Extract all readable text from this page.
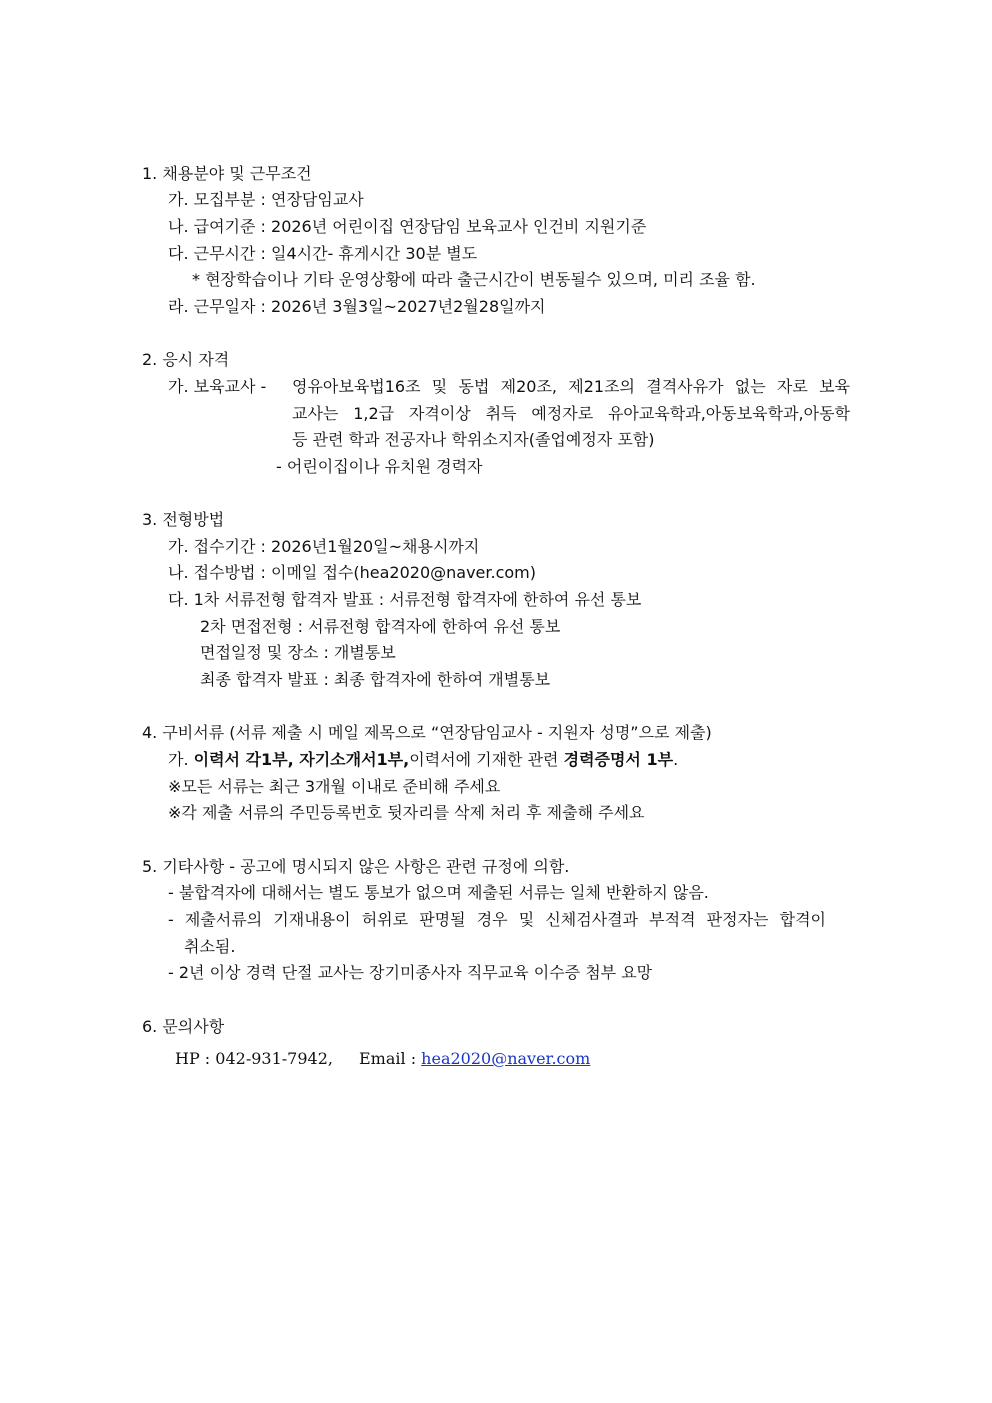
1. 채용분야 및 근무조건
가. 모집부분 : 연장담임교사
나. 급여기준 : 2026년 어린이집 연장담임 보육교사 인건비 지원기준
다. 근무시간 : 일4시간- 휴게시간 30분 별도
* 현장학습이나 기타 운영상황에 따라 출근시간이 변동될수 있으며, 미리 조율 함.
라. 근무일자 : 2026년 3월3일~2027년2월28일까지
2. 응시 자격
가. 보육교사 - 영유아보육법16조 및 동법 제20조, 제21조의 결격사유가 없는 자로 보육
교사는 1,2급 자격이상 취득 예정자로 유아교육학과,아동보육학과,아동학
등 관련 학과 전공자나 학위소지자(졸업예정자 포함)
- 어린이집이나 유치원 경력자
3. 전형방법
가. 접수기간 : 2026년1월20일~채용시까지
나. 접수방법 : 이메일 접수(hea2020@naver.com)
다. 1차 서류전형 합격자 발표 : 서류전형 합격자에 한하여 유선 통보
2차 면접전형 : 서류전형 합격자에 한하여 유선 통보
면접일정 및 장소 : 개별통보
최종 합격자 발표 : 최종 합격자에 한하여 개별통보
4. 구비서류 (서류 제출 시 메일 제목으로 “연장담임교사 - 지원자 성명”으로 제출)
가. 이력서 각1부, 자기소개서1부,이력서에 기재한 관련 경력증명서 1부.
※모든 서류는 최근 3개월 이내로 준비해 주세요
※각 제출 서류의 주민등록번호 뒷자리를 삭제 처리 후 제출해 주세요
5. 기타사항 - 공고에 명시되지 않은 사항은 관련 규정에 의함.
- 불합격자에 대해서는 별도 통보가 없으며 제출된 서류는 일체 반환하지 않음.
- 제출서류의 기재내용이 허위로 판명될 경우 및 신체검사결과 부적격 판정자는 합격이
취소됨.
- 2년 이상 경력 단절 교사는 장기미종사자 직무교육 이수증 첨부 요망
6. 문의사항
HP : 042-931-7942, Email : hea2020@naver.com
